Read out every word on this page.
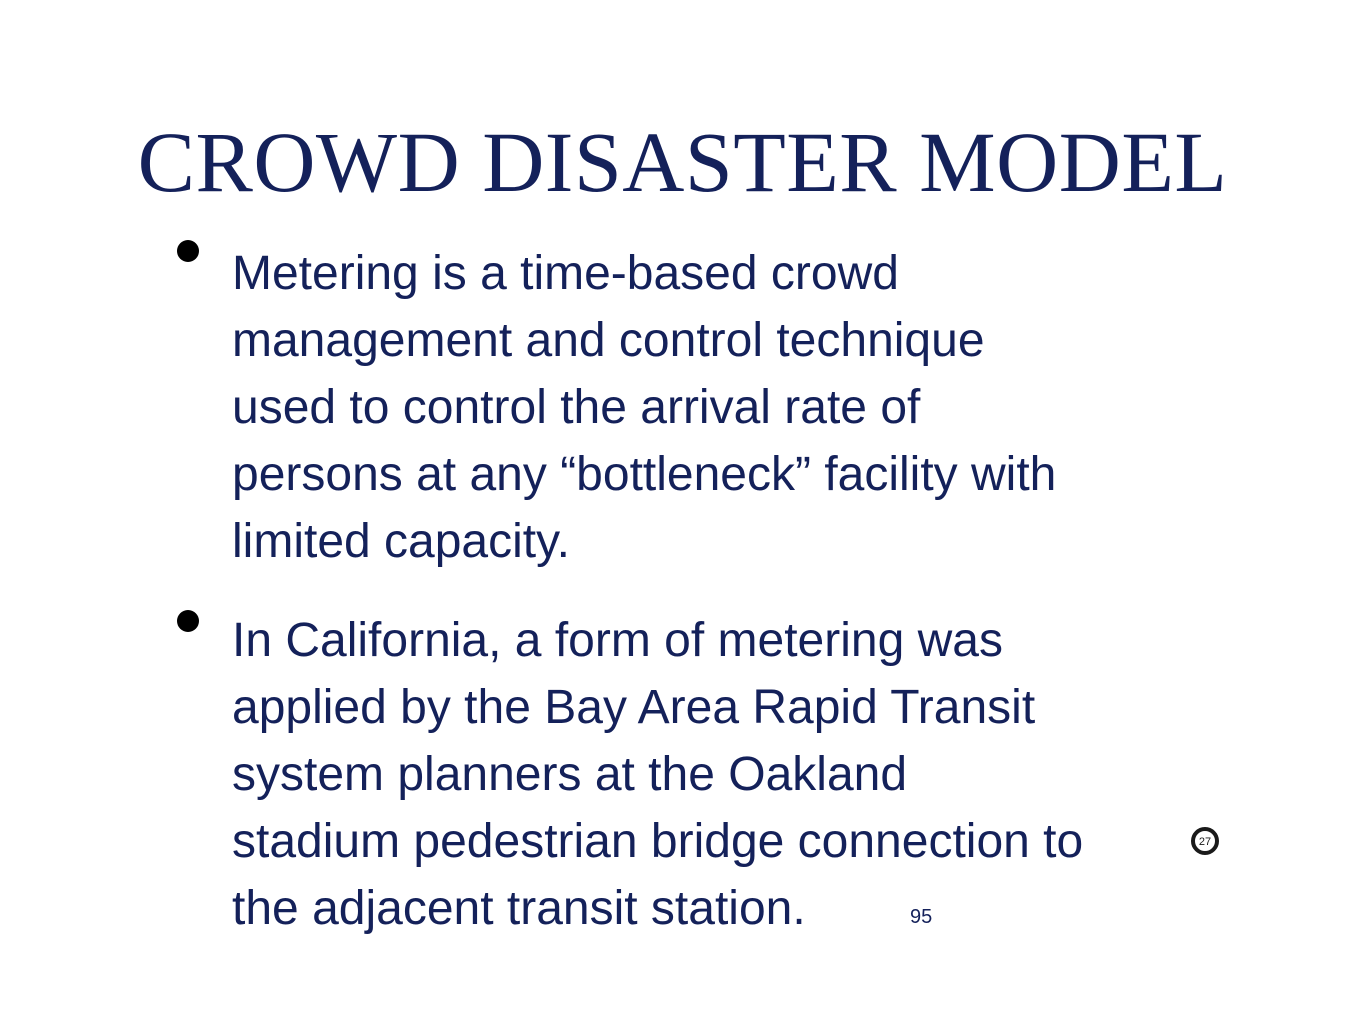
CROWD DISASTER MODEL
Metering is a time-based crowd
management and control technique
used to control the arrival rate of
persons at any “bottleneck” facility with
limited capacity.
In California, a form of metering was
applied by the Bay Area Rapid Transit
system planners at the Oakland
stadium pedestrian bridge connection to
the adjacent transit station.
27
95
